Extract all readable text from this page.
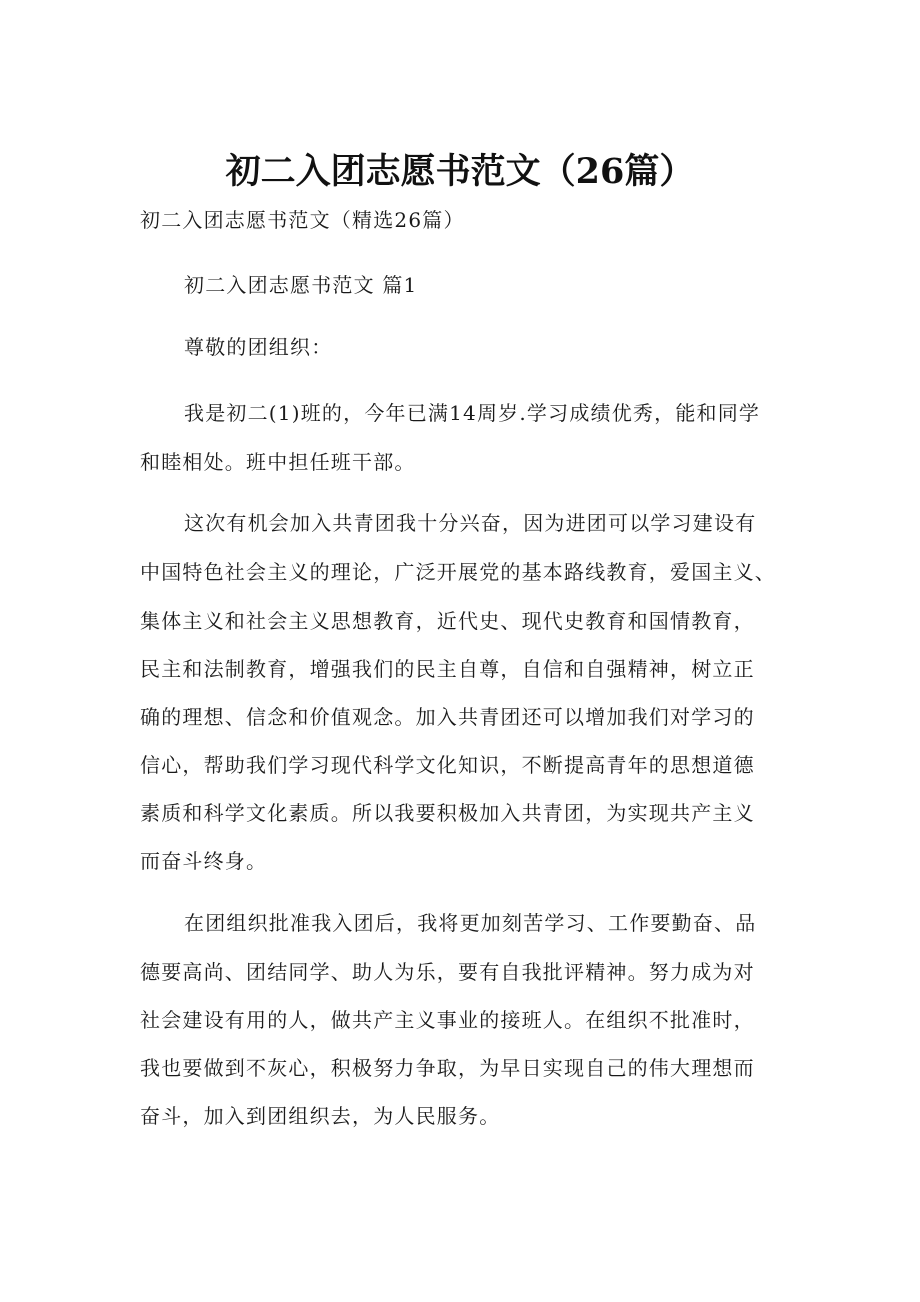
初二入团志愿书范文（26篇）
初二入团志愿书范文（精选26篇）
初二入团志愿书范文 篇1
尊敬的团组织：
我是初二(1)班的，今年已满14周岁.学习成绩优秀，能和同学
和睦相处。班中担任班干部。
这次有机会加入共青团我十分兴奋，因为进团可以学习建设有
中国特色社会主义的理论，广泛开展党的基本路线教育，爱国主义、
集体主义和社会主义思想教育，近代史、现代史教育和国情教育，
民主和法制教育，增强我们的民主自尊，自信和自强精神，树立正
确的理想、信念和价值观念。加入共青团还可以增加我们对学习的
信心，帮助我们学习现代科学文化知识，不断提高青年的思想道德
素质和科学文化素质。所以我要积极加入共青团，为实现共产主义
而奋斗终身。
在团组织批准我入团后，我将更加刻苦学习、工作要勤奋、品
德要高尚、团结同学、助人为乐，要有自我批评精神。努力成为对
社会建设有用的人，做共产主义事业的接班人。在组织不批准时，
我也要做到不灰心，积极努力争取，为早日实现自己的伟大理想而
奋斗，加入到团组织去，为人民服务。
